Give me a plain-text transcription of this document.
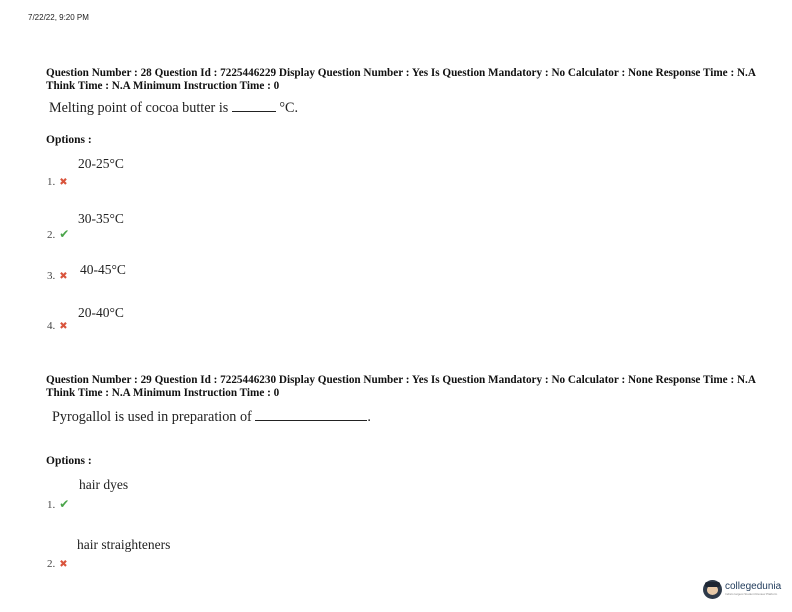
7/22/22, 9:20 PM
Question Number : 28 Question Id : 7225446229 Display Question Number : Yes Is Question Mandatory : No Calculator : None Response Time : N.A Think Time : N.A Minimum Instruction Time : 0
Melting point of cocoa butter is	°C.
Options :
20-25°C
1. ✖
30-35°C
2. ✔
40-45°C
3. ✖
20-40°C
4. ✖
Question Number : 29 Question Id : 7225446230 Display Question Number : Yes Is Question Mandatory : No Calculator : None Response Time : N.A Think Time : N.A Minimum Instruction Time : 0
Pyrogallol is used in preparation of	.
Options :
hair dyes
1. ✔
hair straighteners
2. ✖
collegedunia
India's largest Student Review Platform
